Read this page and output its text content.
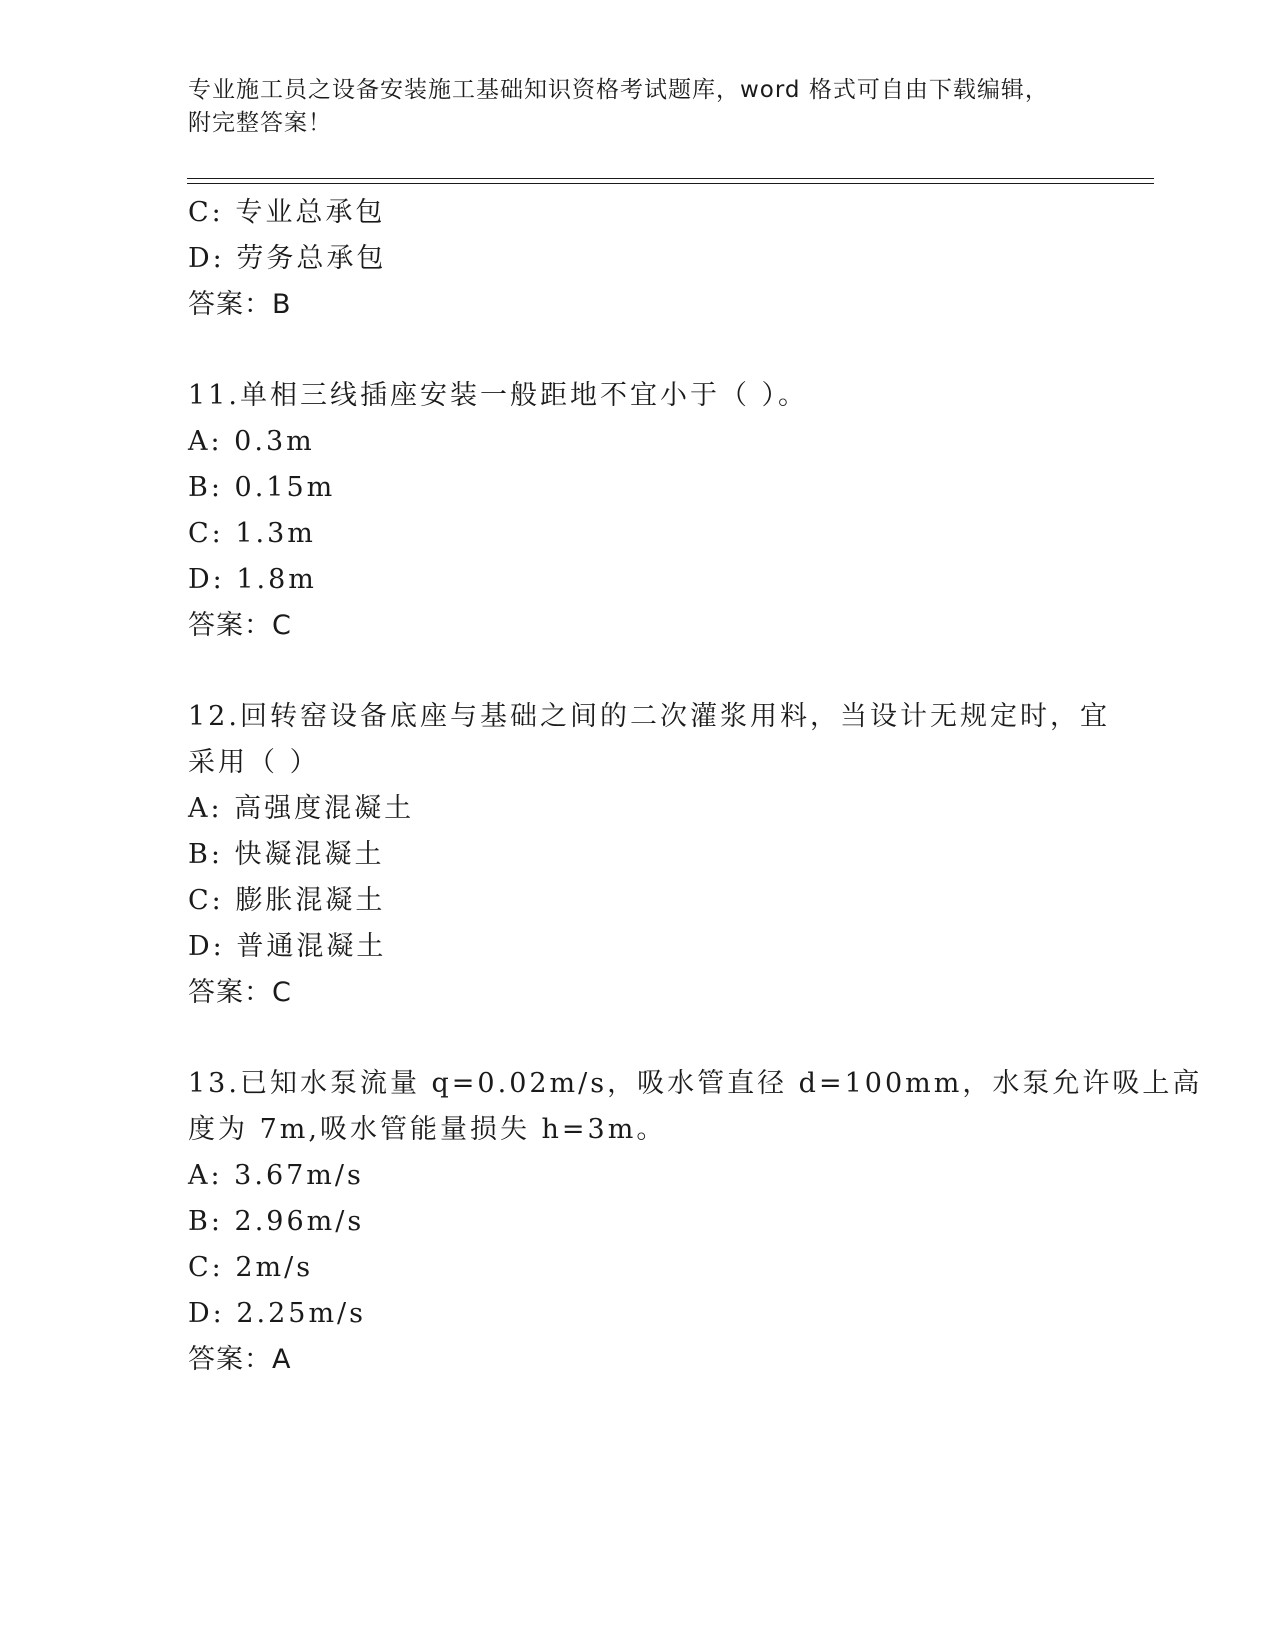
专业施工员之设备安装施工基础知识资格考试题库，word 格式可自由下载编辑，
附完整答案！
C: 专业总承包
D: 劳务总承包
答案：B
11.单相三线插座安装一般距地不宜小于（ ）。
A: 0.3m
B: 0.15m
C: 1.3m
D: 1.8m
答案：C
12.回转窑设备底座与基础之间的二次灌浆用料，当设计无规定时，宜
采用（ ）
A: 高强度混凝土
B: 快凝混凝土
C: 膨胀混凝土
D: 普通混凝土
答案：C
13.已知水泵流量 q=0.02m/s，吸水管直径 d=100mm，水泵允许吸上高
度为 7m,吸水管能量损失 h=3m。
A: 3.67m/s
B: 2.96m/s
C: 2m/s
D: 2.25m/s
答案：A
